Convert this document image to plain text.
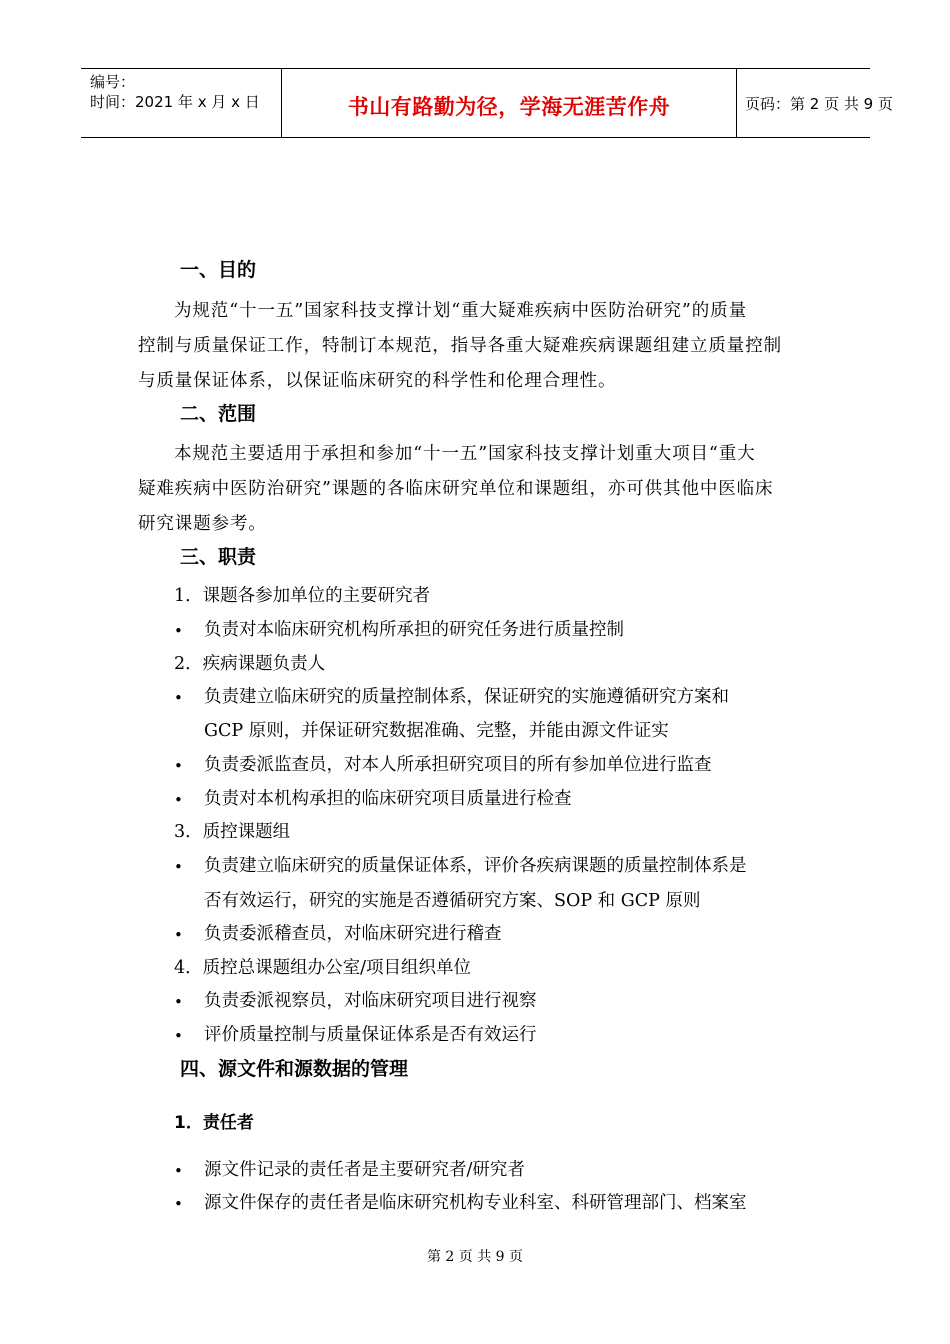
编号：
时间：2021 年 x 月 x 日	书山有路勤为径，学海无涯苦作舟	页码：第 2 页 共 9 页
一、目的
为规范“十一五”国家科技支撑计划“重大疑难疾病中医防治研究”的质量
控制与质量保证工作，特制订本规范，指导各重大疑难疾病课题组建立质量控制
与质量保证体系，以保证临床研究的科学性和伦理合理性。
二、范围
本规范主要适用于承担和参加“十一五”国家科技支撑计划重大项目“重大
疑难疾病中医防治研究”课题的各临床研究单位和课题组，亦可供其他中医临床
研究课题参考。
三、职责
1．课题各参加单位的主要研究者
• 负责对本临床研究机构所承担的研究任务进行质量控制
2．疾病课题负责人
• 负责建立临床研究的质量控制体系，保证研究的实施遵循研究方案和
GCP 原则，并保证研究数据准确、完整，并能由源文件证实
• 负责委派监查员，对本人所承担研究项目的所有参加单位进行监查
• 负责对本机构承担的临床研究项目质量进行检查
3．质控课题组
• 负责建立临床研究的质量保证体系，评价各疾病课题的质量控制体系是
否有效运行，研究的实施是否遵循研究方案、SOP 和 GCP 原则
• 负责委派稽查员，对临床研究进行稽查
4．质控总课题组办公室/项目组织单位
• 负责委派视察员，对临床研究项目进行视察
• 评价质量控制与质量保证体系是否有效运行
四、源文件和源数据的管理
1．责任者
• 源文件记录的责任者是主要研究者/研究者
• 源文件保存的责任者是临床研究机构专业科室、科研管理部门、档案室
第 2 页 共 9 页
